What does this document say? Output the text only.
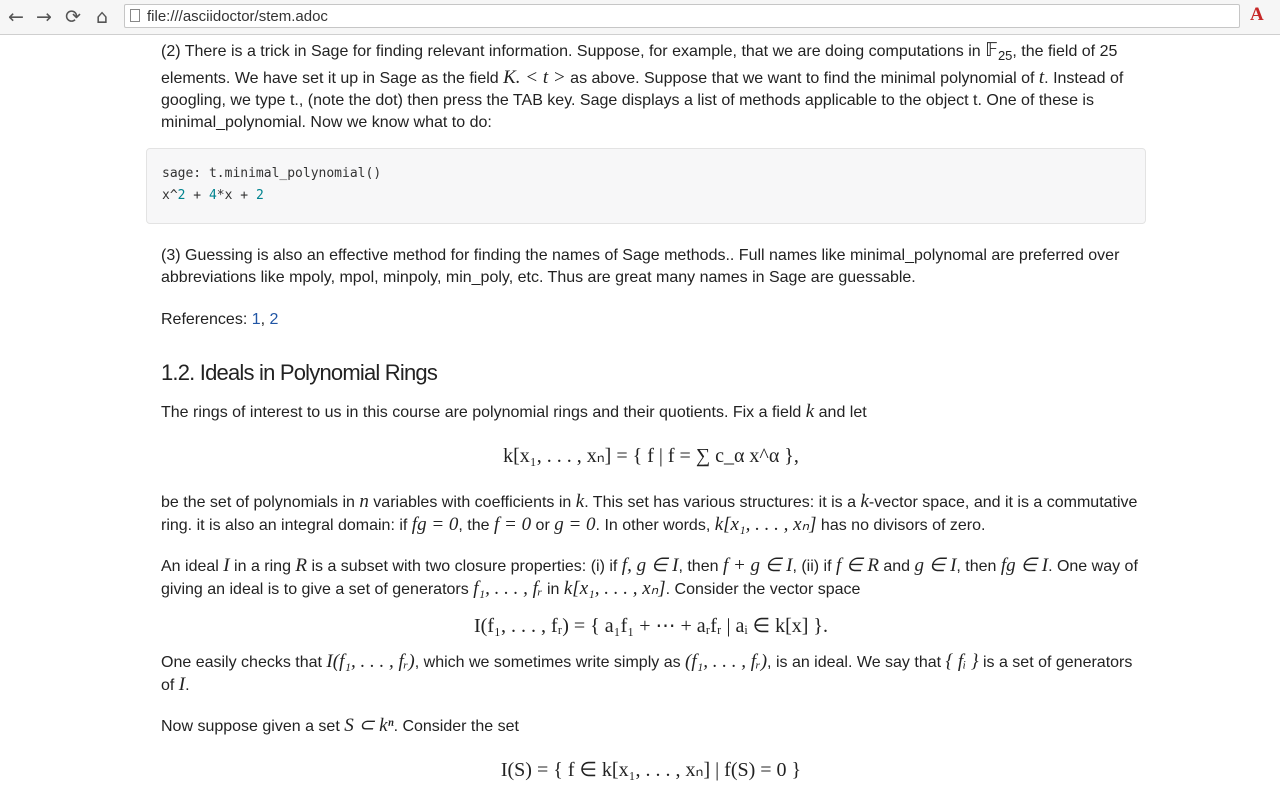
← → ⟳ ⌂	file:///asciidoctor/stem.adoc	A

(2) There is a trick in Sage for finding relevant information. Suppose, for example, that we are doing computations in 𝔽$_{25}$, the field of 25 elements. We have set it up in Sage as the field K. < t > as above. Suppose that we want to find the minimal polynomial of t. Instead of googling, we type t., (note the dot) then press the TAB key. Sage displays a list of methods applicable to the object t. One of these is minimal_polynomial. Now we know what to do:

sage: t.minimal_polynomial()
x^2 + 4*x + 2

(3) Guessing is also an effective method for finding the names of Sage methods.. Full names like minimal_polynomal are preferred over abbreviations like mpoly, mpol, minpoly, min_poly, etc. Thus are great many names in Sage are guessable.

References: 1, 2

1.2. Ideals in Polynomial Rings

The rings of interest to us in this course are polynomial rings and their quotients. Fix a field k and let

k[x₁, . . . , xₙ] = { f | f = ∑ c_α x^α },

be the set of polynomials in n variables with coefficients in k. This set has various structures: it is a k-vector space, and it is a commutative ring. it is also an integral domain: if fg = 0, the f = 0 or g = 0. In other words, k[x₁, . . . , xₙ] has no divisors of zero.

An ideal I in a ring R is a subset with two closure properties: (i) if f, g ∈ I, then f + g ∈ I, (ii) if f ∈ R and g ∈ I, then fg ∈ I. One way of giving an ideal is to give a set of generators f₁, . . . , fᵣ in k[x₁, . . . , xₙ]. Consider the vector space

I(f₁, . . . , fᵣ) = { a₁f₁ + ⋯ + aᵣfᵣ | aᵢ ∈ k[x] }.

One easily checks that I(f₁, . . . , fᵣ), which we sometimes write simply as (f₁, . . . , fᵣ), is an ideal. We say that { fᵢ } is a set of generators of I.

Now suppose given a set S ⊂ kⁿ. Consider the set

I(S) = { f ∈ k[x₁, . . . , xₙ] | f(S) = 0 }
